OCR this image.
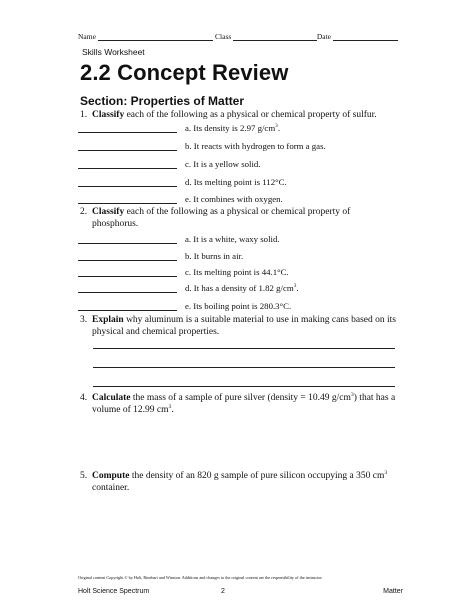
Name	Class	Date
Skills Worksheet
2.2 Concept Review
Section: Properties of Matter
1. Classify each of the following as a physical or chemical property of sulfur.
a. Its density is 2.97 $g/cm^3$.
b. It reacts with hydrogen to form a gas.
c. It is a yellow solid.
d. Its melting point is 112°C.
e. It combines with oxygen.
2. Classify each of the following as a physical or chemical property of phosphorus.
a. It is a white, waxy solid.
b. It burns in air.
c. Its melting point is 44.1°C.
d. It has a density of 1.82 $g/cm^3$.
e. Its boiling point is 280.3°C.
3. Explain why aluminum is a suitable material to use in making cans based on its physical and chemical properties.
4. Calculate the mass of a sample of pure silver (density = 10.49 $g/cm^3$) that has a volume of 12.99 $cm^3$.
5. Compute the density of an 820 g sample of pure silicon occupying a 350 $cm^3$ container.
Original content Copyright © by Holt, Rinehart and Winston. Additions and changes to the original content are the responsibility of the instructor.
Holt Science Spectrum	2	Matter
